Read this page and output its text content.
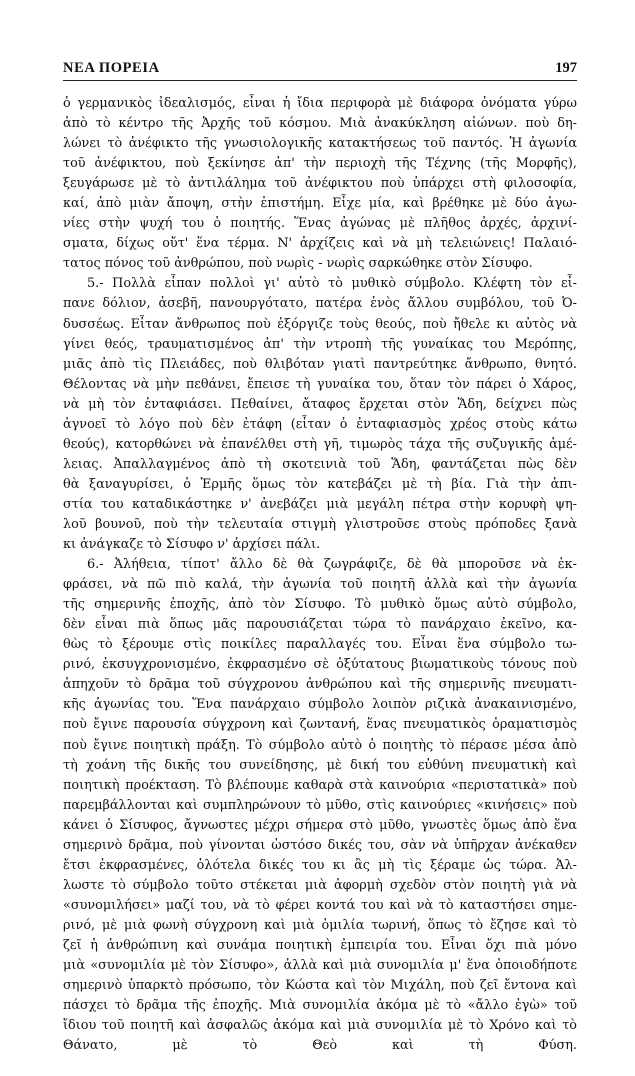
ΝΕΑ ΠΟΡΕΙΑ	197
ὁ γερμανικὸς ἰδεαλισμός, εἶναι ἡ ἴδια περιφορὰ μὲ διάφορα ὀνόματα γύρω
ἀπὸ τὸ κέντρο τῆς Ἀρχῆς τοῦ κόσμου. Μιὰ ἀνακύκληση αἰώνων. ποὺ δη-
λώνει τὸ ἀνέφικτο τῆς γνωσιολογικῆς κατακτήσεως τοῦ παντός. Ἡ ἀγωνία
τοῦ ἀνέφικτου, ποὺ ξεκίνησε ἀπ' τὴν περιοχὴ τῆς Τέχνης (τῆς Μορφῆς),
ξευγάρωσε μὲ τὸ ἀντιλάλημα τοῦ ἀνέφικτου ποὺ ὑπάρχει στὴ φιλοσοφία,
καί, ἀπὸ μιὰν ἄποψη, στὴν ἐπιστήμη. Εἶχε μία, καὶ βρέθηκε μὲ δύο ἀγω-
νίες στὴν ψυχή του ὁ ποιητής. Ἕνας ἀγώνας μὲ πλῆθος ἀρχές, ἀρχινί-
σματα, δίχως οὔτ' ἕνα τέρμα. Ν' ἀρχίζεις καὶ νὰ μὴ τελειώνεις! Παλαιό-
τατος πόνος τοῦ ἀνθρώπου, ποὺ νωρὶς - νωρὶς σαρκώθηκε στὸν Σίσυφο.
5.- Πολλὰ εἶπαν πολλοὶ γι' αὐτὸ τὸ μυθικὸ σύμβολο. Κλέφτη τὸν εἶ-
πανε δόλιον, ἀσεβῆ, πανουργότατο, πατέρα ἑνὸς ἄλλου συμβόλου, τοῦ Ὀ-
δυσσέως. Εἶταν ἄνθρωπος ποὺ ἐξόργιζε τοὺς θεούς, ποὺ ἤθελε κι αὐτὸς νὰ
γίνει θεός, τραυματισμένος ἀπ' τὴν ντροπὴ τῆς γυναίκας του Μερόπης,
μιᾶς ἀπὸ τὶς Πλειάδες, ποὺ θλιβόταν γιατὶ παντρεύτηκε ἄνθρωπο, θνητό.
Θέλοντας νὰ μὴν πεθάνει, ἔπεισε τὴ γυναίκα του, ὅταν τὸν πάρει ὁ Χάρος,
νὰ μὴ τὸν ἐνταφιάσει. Πεθαίνει, ἄταφος ἔρχεται στὸν Ἅδη, δείχνει πὼς
ἀγνοεῖ τὸ λόγο ποὺ δὲν ἐτάφη (εἶταν ὁ ἐνταφιασμὸς χρέος στοὺς κάτω
θεούς), κατορθώνει νὰ ἐπανέλθει στὴ γῆ, τιμωρὸς τάχα τῆς συζυγικῆς ἀμέ-
λειας. Ἀπαλλαγμένος ἀπὸ τὴ σκοτεινιὰ τοῦ Ἅδη, φαντάζεται πὼς δὲν
θὰ ξαναγυρίσει, ὁ Ἑρμῆς ὅμως τὸν κατεβάζει μὲ τὴ βία. Γιὰ τὴν ἀπι-
στία του καταδικάστηκε ν' ἀνεβάζει μιὰ μεγάλη πέτρα στὴν κορυφὴ ψη-
λοῦ βουνοῦ, ποὺ τὴν τελευταία στιγμὴ γλιστροῦσε στοὺς πρόποδες ξανὰ
κι ἀνάγκαζε τὸ Σίσυφο ν' ἀρχίσει πάλι.
6.- Ἀλήθεια, τίποτ' ἄλλο δὲ θὰ ζωγράφιζε, δὲ θὰ μποροῦσε νὰ ἐκ-
φράσει, νὰ πῶ πιὸ καλά, τὴν ἀγωνία τοῦ ποιητῆ ἀλλὰ καὶ τὴν ἀγωνία
τῆς σημερινῆς ἐποχῆς, ἀπὸ τὸν Σίσυφο. Τὸ μυθικὸ ὅμως αὐτὸ σύμβολο,
δὲν εἶναι πιὰ ὅπως μᾶς παρουσιάζεται τώρα τὸ πανάρχαιο ἐκεῖνο, κα-
θὼς τὸ ξέρουμε στὶς ποικίλες παραλλαγές του. Εἶναι ἕνα σύμβολο τω-
ρινό, ἐκσυγχρονισμένο, ἐκφρασμένο σὲ ὀξύτατους βιωματικοὺς τόνους ποὺ
ἀπηχοῦν τὸ δρᾶμα τοῦ σύγχρονου ἀνθρώπου καὶ τῆς σημερινῆς πνευματι-
κῆς ἀγωνίας του. Ἕνα πανάρχαιο σύμβολο λοιπὸν ριζικὰ ἀνακαινισμένο,
ποὺ ἔγινε παρουσία σύγχρονη καὶ ζωντανή, ἕνας πνευματικὸς ὁραματισμὸς
ποὺ ἔγινε ποιητικὴ πράξη. Τὸ σύμβολο αὐτὸ ὁ ποιητὴς τὸ πέρασε μέσα ἀπὸ
τὴ χοάνη τῆς δικῆς του συνείδησης, μὲ δική του εὐθύνη πνευματικὴ καὶ
ποιητικὴ προέκταση. Τὸ βλέπουμε καθαρὰ στὰ καινούρια «περιστατικὰ» ποὺ
παρεμβάλλονται καὶ συμπληρώνουν τὸ μῦθο, στὶς καινούριες «κινήσεις» ποὺ
κάνει ὁ Σίσυφος, ἄγνωστες μέχρι σήμερα στὸ μῦθο, γνωστὲς ὅμως ἀπὸ ἕνα
σημερινὸ δρᾶμα, ποὺ γίνονται ὡστόσο δικές του, σὰν νὰ ὑπῆρχαν ἀνέκαθεν
ἔτσι ἐκφρασμένες, ὁλότελα δικές του κι ἂς μὴ τὶς ξέραμε ὡς τώρα. Ἀλ-
λωστε τὸ σύμβολο τοῦτο στέκεται μιὰ ἀφορμὴ σχεδὸν στὸν ποιητὴ γιὰ νὰ
«συνομιλήσει» μαζί του, νὰ τὸ φέρει κοντά του καὶ νὰ τὸ καταστήσει σημε-
ρινό, μὲ μιὰ φωνὴ σύγχρονη καὶ μιὰ ὁμιλία τωρινή, ὅπως τὸ ἔζησε καὶ τὸ
ζεῖ ἡ ἀνθρώπινη καὶ συνάμα ποιητικὴ ἐμπειρία του. Εἶναι ὄχι πιὰ μόνο
μιὰ «συνομιλία μὲ τὸν Σίσυφο», ἀλλὰ καὶ μιὰ συνομιλία μ' ἕνα ὁποιοδήποτε
σημερινὸ ὑπαρκτὸ πρόσωπο, τὸν Κώστα καὶ τὸν Μιχάλη, ποὺ ζεῖ ἔντονα καὶ
πάσχει τὸ δρᾶμα τῆς ἐποχῆς. Μιὰ συνομιλία ἀκόμα μὲ τὸ «ἄλλο ἐγὼ» τοῦ
ἴδιου τοῦ ποιητῆ καὶ ἀσφαλῶς ἀκόμα καὶ μιὰ συνομιλία μὲ τὸ Χρόνο καὶ τὸ
Θάνατο, μὲ τὸ Θεὸ καὶ τὴ Φύση.
